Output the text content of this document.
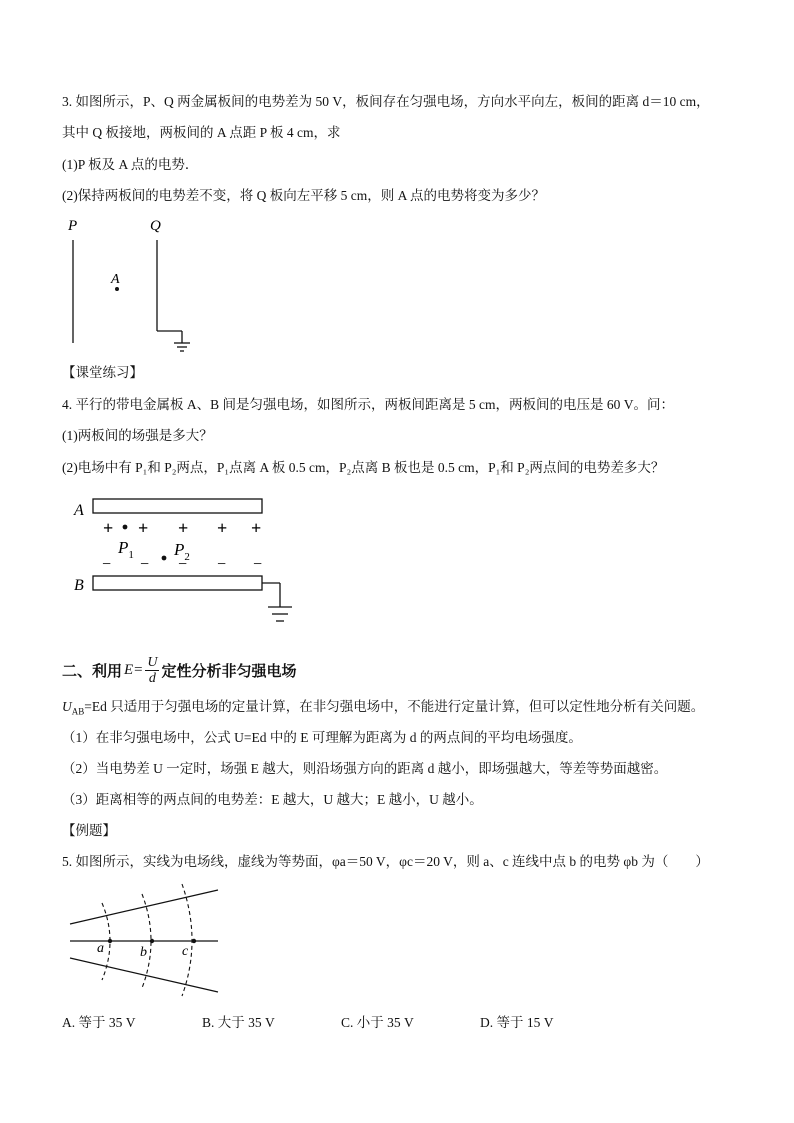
3. 如图所示，P、Q 两金属板间的电势差为 50 V，板间存在匀强电场，方向水平向左，板间的距离 d＝10 cm，
其中 Q 板接地，两板间的 A 点距 P 板 4 cm，求
(1)P 板及 A 点的电势．
(2)保持两板间的电势差不变，将 Q 板向左平移 5 cm，则 A 点的电势将变为多少？
P	Q
A
【课堂练习】
4. 平行的带电金属板 A、B 间是匀强电场，如图所示，两板间距离是 5 cm，两板间的电压是 60 V。问：
(1)两板间的场强是多大？
(2)电场中有 P₁和 P₂两点，P₁点离 A 板 0.5 cm，P₂点离 B 板也是 0.5 cm，P₁和 P₂两点间的电势差多大？
A
+ + + + +
$P_1$ $P_2$
− − − − −
B
二、利用 $E= \frac{U}{d}$ 定性分析非匀强电场
$U_{AB}=Ed$ 只适用于匀强电场的定量计算，在非匀强电场中，不能进行定量计算，但可以定性地分析有关问题。
（1）在非匀强电场中，公式 U=Ed 中的 E 可理解为距离为 d 的两点间的平均电场强度。
（2）当电势差 U 一定时，场强 E 越大，则沿场强方向的距离 d 越小，即场强越大，等差等势面越密。
（3）距离相等的两点间的电势差：E 越大，U 越大；E 越小，U 越小。
【例题】
5. 如图所示，实线为电场线，虚线为等势面，φa＝50 V，φc＝20 V，则 a、c 连线中点 b 的电势 φb 为（　　）
a	b	c
A. 等于 35 V	B. 大于 35 V	C. 小于 35 V	D. 等于 15 V
